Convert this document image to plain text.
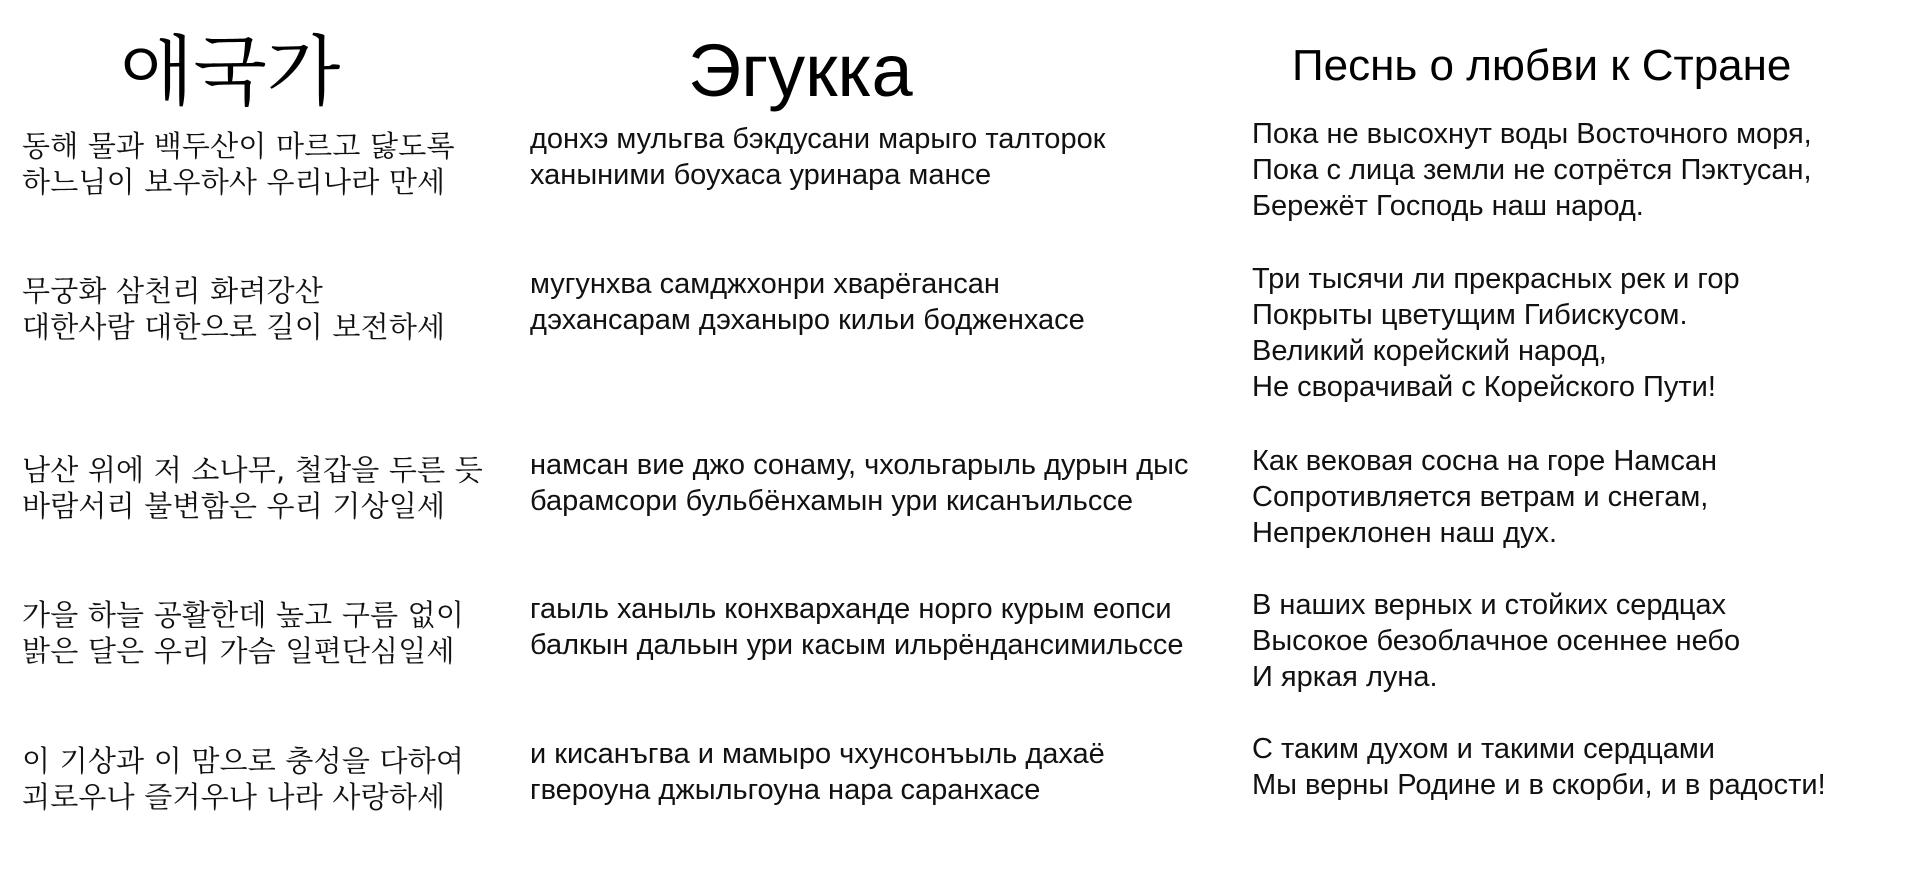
애국가
동해 물과 백두산이 마르고 닳도록
하느님이 보우하사 우리나라 만세
무궁화 삼천리 화려강산
대한사람 대한으로 길이 보전하세
남산 위에 저 소나무, 철갑을 두른 듯
바람서리 불변함은 우리 기상일세
가을 하늘 공활한데 높고 구름 없이
밝은 달은 우리 가슴 일편단심일세
이 기상과 이 맘으로 충성을 다하여
괴로우나 즐거우나 나라 사랑하세
Эгукка
донхэ мульгва бэкдусани марыго талторок
ханыними боухаса уринара мансе
мугунхва самджхонри хварёгансан
дэхансарам дэханыро кильи бодженхасе
намсан вие джо сонаму, чхольгарыль дурын дыс
барамсори бульбёнхамын ури кисанъильссе
гаыль ханыль конхварханде норго курым еопси
балкын дальын ури касым ильрёндансимильссе
и кисанъгва и мамыро чхунсонъыль дахаё
гвероуна джыльгоуна нара саранхасе
Песнь о любви к Стране
Пока не высохнут воды Восточного моря,
Пока с лица земли не сотрётся Пэктусан,
Бережёт Господь наш народ.
Три тысячи ли прекрасных рек и гор
Покрыты цветущим Гибискусом.
Великий корейский народ,
Не сворачивай с Корейского Пути!
Как вековая сосна на горе Намсан
Сопротивляется ветрам и снегам,
Непреклонен наш дух.
В наших верных и стойких сердцах
Высокое безоблачное осеннее небо
И яркая луна.
С таким духом и такими сердцами
Мы верны Родине и в скорби, и в радости!
